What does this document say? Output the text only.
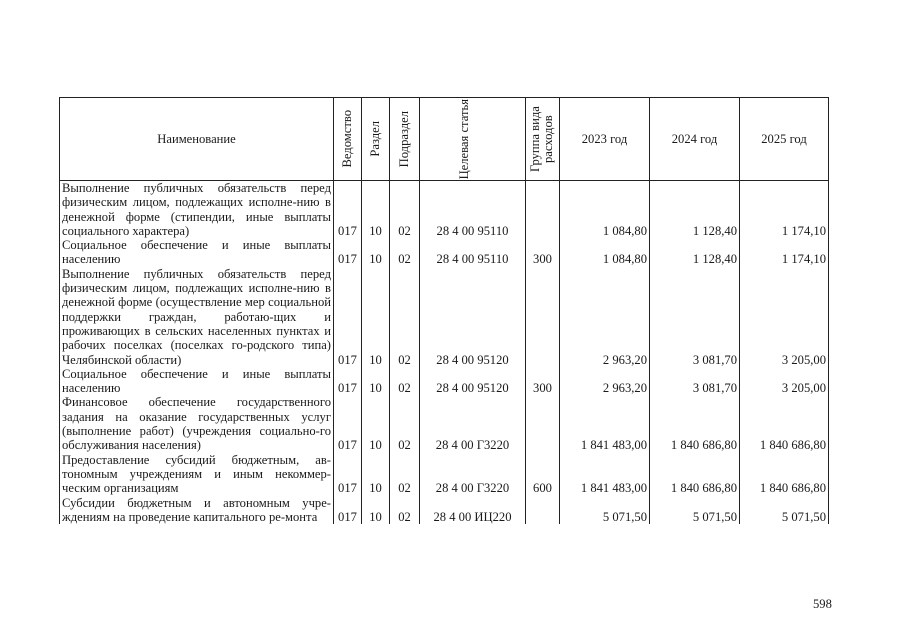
Наименование	Ведомство	Раздел	Подраздел	Целевая статья	Группа вида расходов	2023 год	2024 год	2025 год
Выполнение публичных обязательств перед физическим лицом, подлежащих исполне-нию в денежной форме (стипендии, иные выплаты социального характера)	017	10	02	28 4 00 95110		1 084,80	1 128,40	1 174,10
Социальное обеспечение и иные выплаты населению	017	10	02	28 4 00 95110	300	1 084,80	1 128,40	1 174,10
Выполнение публичных обязательств перед физическим лицом, подлежащих исполне-нию в денежной форме (осуществление мер социальной поддержки граждан, работаю-щих и проживающих в сельских населенных пунктах и рабочих поселках (поселках го-родского типа) Челябинской области)	017	10	02	28 4 00 95120		2 963,20	3 081,70	3 205,00
Социальное обеспечение и иные выплаты населению	017	10	02	28 4 00 95120	300	2 963,20	3 081,70	3 205,00
Финансовое обеспечение государственного задания на оказание государственных услуг (выполнение работ) (учреждения социально-го обслуживания населения)	017	10	02	28 4 00 Г3220		1 841 483,00	1 840 686,80	1 840 686,80
Предоставление субсидий бюджетным, ав-тономным учреждениям и иным некоммер-ческим организациям	017	10	02	28 4 00 Г3220	600	1 841 483,00	1 840 686,80	1 840 686,80
Субсидии бюджетным и автономным учре-ждениям на проведение капитального ре-монта	017	10	02	28 4 00 ИЦ220		5 071,50	5 071,50	5 071,50
598
